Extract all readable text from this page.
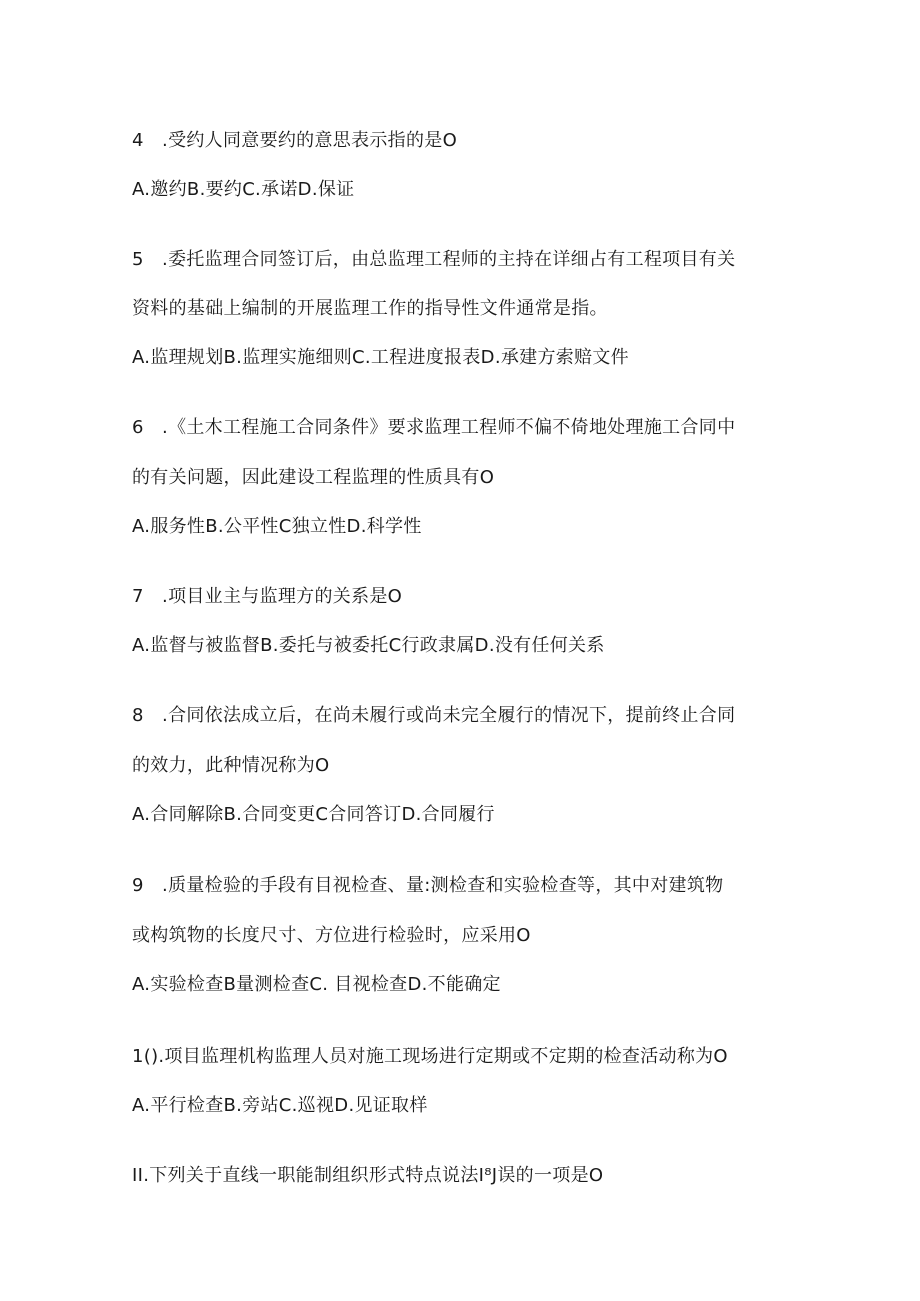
4　.受约人同意要约的意思表示指的是O
A.邀约B.要约C.承诺D.保证
5　.委托监理合同签订后，由总监理工程师的主持在详细占有工程项目有关
资料的基础上编制的开展监理工作的指导性文件通常是指。
A.监理规划B.监理实施细则C.工程进度报表D.承建方索赔文件
6　.《土木工程施工合同条件》要求监理工程师不偏不倚地处理施工合同中
的有关问题，因此建设工程监理的性质具有O
A.服务性B.公平性C独立性D.科学性
7　.项目业主与监理方的关系是O
A.监督与被监督B.委托与被委托C行政隶属D.没有任何关系
8　.合同依法成立后，在尚未履行或尚未完全履行的情况下，提前终止合同
的效力，此种情况称为O
A.合同解除B.合同变更C合同答订D.合同履行
9　.质量检验的手段有目视检查、量:测检查和实验检查等，其中对建筑物
或构筑物的长度尺寸、方位进行检验时，应采用O
A.实验检查B量测检查C. 目视检查D.不能确定
1().项目监理机构监理人员对施工现场进行定期或不定期的检查活动称为O
A.平行检查B.旁站C.巡视D.见证取样
II.下列关于直线一职能制组织形式特点说法I⁸J误的一项是O
